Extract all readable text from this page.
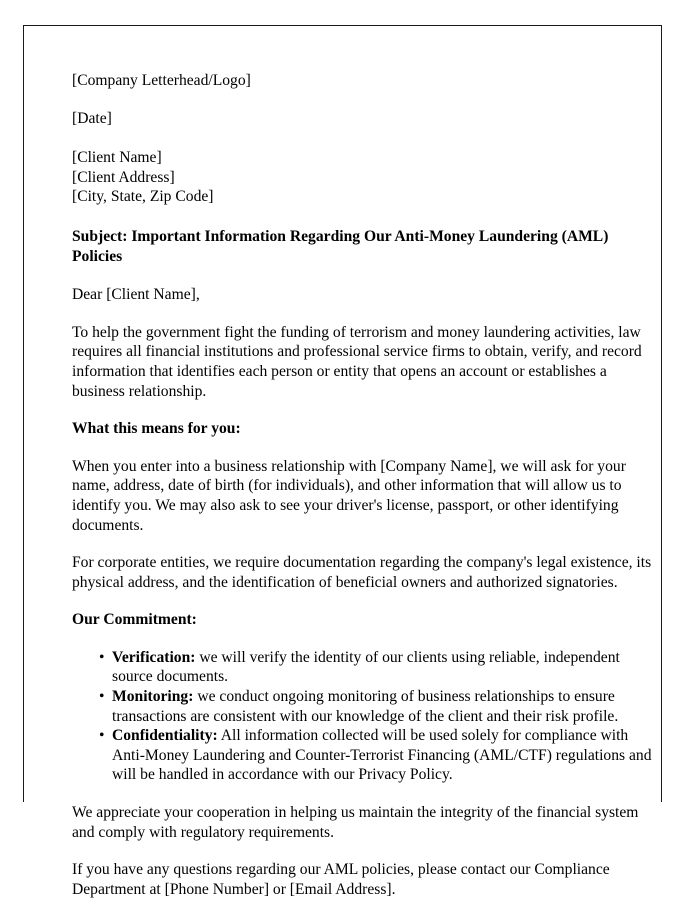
[Company Letterhead/Logo]

[Date]

[Client Name]

[Client Address]

[City, State, Zip Code]

Subject: Important Information Regarding Our Anti-Money Laundering (AML) Policies

Dear [Client Name],

To help the government fight the funding of terrorism and money laundering activities, law requires all financial institutions and professional service firms to obtain, verify, and record information that identifies each person or entity that opens an account or establishes a business relationship.

What this means for you:

When you enter into a business relationship with [Company Name], we will ask for your name, address, date of birth (for individuals), and other information that will allow us to identify you. We may also ask to see your driver's license, passport, or other identifying documents.

For corporate entities, we require documentation regarding the company's legal existence, its physical address, and the identification of beneficial owners and authorized signatories.

Our Commitment:

• Verification: we will verify the identity of our clients using reliable, independent source documents.
• Monitoring: we conduct ongoing monitoring of business relationships to ensure transactions are consistent with our knowledge of the client and their risk profile.
• Confidentiality: All information collected will be used solely for compliance with Anti-Money Laundering and Counter-Terrorist Financing (AML/CTF) regulations and will be handled in accordance with our Privacy Policy.

We appreciate your cooperation in helping us maintain the integrity of the financial system and comply with regulatory requirements.

If you have any questions regarding our AML policies, please contact our Compliance Department at [Phone Number] or [Email Address].
